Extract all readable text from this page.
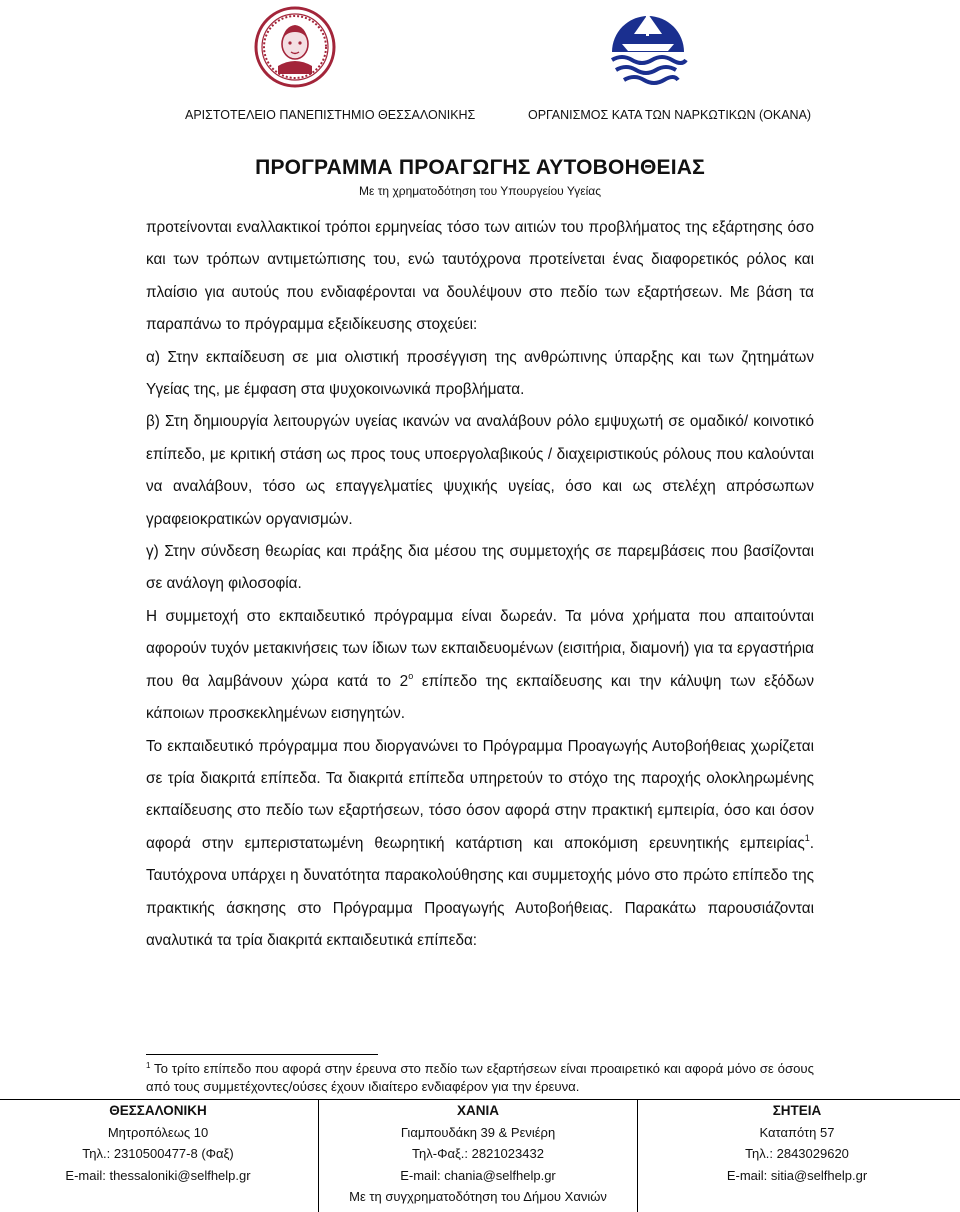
ΑΡΙΣΤΟΤΕΛΕΙΟ ΠΑΝΕΠΙΣΤΗΜΙΟ ΘΕΣΣΑΛΟΝΙΚΗΣ	ΟΡΓΑΝΙΣΜΟΣ ΚΑΤΑ ΤΩΝ ΝΑΡΚΩΤΙΚΩΝ (ΟΚΑΝΑ)
ΠΡΟΓΡΑΜΜΑ ΠΡΟΑΓΩΓΗΣ ΑΥΤΟΒΟΗΘΕΙΑΣ
Με τη χρηματοδότηση του Υπουργείου Υγείας

προτείνονται εναλλακτικοί τρόποι ερμηνείας τόσο των αιτιών του προβλήματος της εξάρτησης όσο και των τρόπων αντιμετώπισης του, ενώ ταυτόχρονα προτείνεται ένας διαφορετικός ρόλος και πλαίσιο για αυτούς που ενδιαφέρονται να δουλέψουν στο πεδίο των εξαρτήσεων. Με βάση τα παραπάνω το πρόγραμμα εξειδίκευσης στοχεύει:

α) Στην εκπαίδευση σε μια ολιστική προσέγγιση της ανθρώπινης ύπαρξης και των ζητημάτων Υγείας της, με έμφαση στα ψυχοκοινωνικά προβλήματα.

β) Στη δημιουργία λειτουργών υγείας ικανών να αναλάβουν ρόλο εμψυχωτή σε ομαδικό/ κοινοτικό επίπεδο, με κριτική στάση ως προς τους υποεργολαβικούς / διαχειριστικούς ρόλους που καλούνται να αναλάβουν, τόσο ως επαγγελματίες ψυχικής υγείας, όσο και ως στελέχη απρόσωπων γραφειοκρατικών οργανισμών.

γ) Στην σύνδεση θεωρίας και πράξης δια μέσου της συμμετοχής σε παρεμβάσεις που βασίζονται σε ανάλογη φιλοσοφία.

Η συμμετοχή στο εκπαιδευτικό πρόγραμμα είναι δωρεάν. Τα μόνα χρήματα που απαιτούνται αφορούν τυχόν μετακινήσεις των ίδιων των εκπαιδευομένων (εισιτήρια, διαμονή) για τα εργαστήρια που θα λαμβάνουν χώρα κατά το $2^o$ επίπεδο της εκπαίδευσης και την κάλυψη των εξόδων κάποιων προσκεκλημένων εισηγητών.

Το εκπαιδευτικό πρόγραμμα που διοργανώνει το Πρόγραμμα Προαγωγής Αυτοβοήθειας χωρίζεται σε τρία διακριτά επίπεδα. Τα διακριτά επίπεδα υπηρετούν το στόχο της παροχής ολοκληρωμένης εκπαίδευσης στο πεδίο των εξαρτήσεων, τόσο όσον αφορά στην πρακτική εμπειρία, όσο και όσον αφορά στην εμπεριστατωμένη θεωρητική κατάρτιση και αποκόμιση ερευνητικής εμπειρίας$^1$. Ταυτόχρονα υπάρχει η δυνατότητα παρακολούθησης και συμμετοχής μόνο στο πρώτο επίπεδο της πρακτικής άσκησης στο Πρόγραμμα Προαγωγής Αυτοβοήθειας. Παρακάτω παρουσιάζονται αναλυτικά τα τρία διακριτά εκπαιδευτικά επίπεδα:

$^1$ Το τρίτο επίπεδο που αφορά στην έρευνα στο πεδίο των εξαρτήσεων είναι προαιρετικό και αφορά μόνο σε όσους από τους συμμετέχοντες/ούσες έχουν ιδιαίτερο ενδιαφέρον για την έρευνα.
ΘΕΣΣΑΛΟΝΙΚΗ
Μητροπόλεως 10
Τηλ.: 2310500477-8 (Φαξ)
E-mail: thessaloniki@selfhelp.gr
ΧΑΝΙΑ
Γιαμπουδάκη 39 & Ρενιέρη
Τηλ-Φαξ.: 2821023432
E-mail: chania@selfhelp.gr
Με τη συγχρηματοδότηση του Δήμου Χανιών
ΣΗΤΕΙΑ
Καταπότη 57
Τηλ.: 2843029620
E-mail: sitia@selfhelp.gr
